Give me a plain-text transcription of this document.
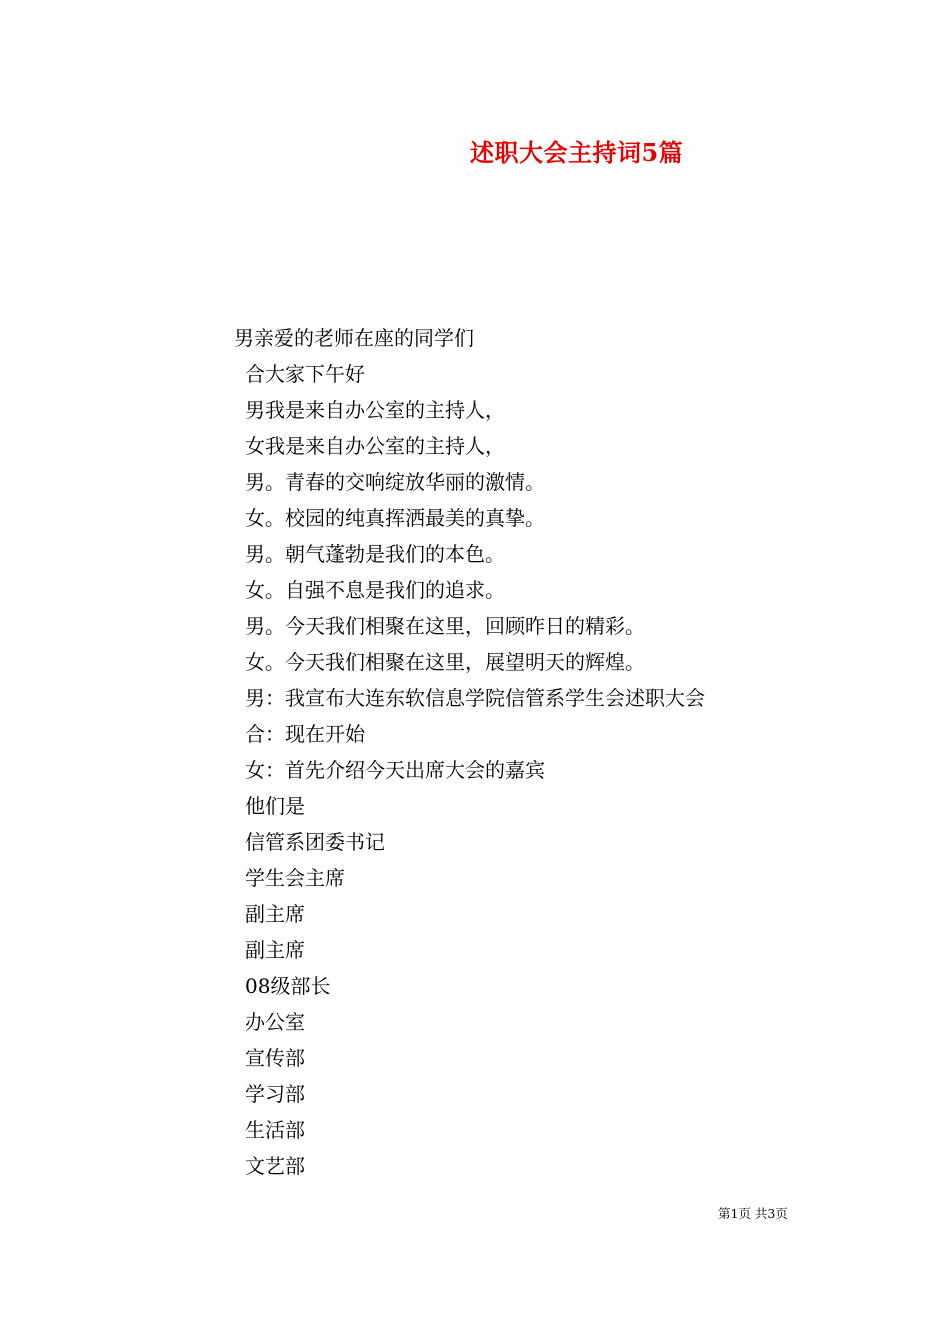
述职大会主持词5篇
男亲爱的老师在座的同学们
合大家下午好
男我是来自办公室的主持人，
女我是来自办公室的主持人，
男。青春的交响绽放华丽的激情。
女。校园的纯真挥洒最美的真挚。
男。朝气蓬勃是我们的本色。
女。自强不息是我们的追求。
男。今天我们相聚在这里，回顾昨日的精彩。
女。今天我们相聚在这里，展望明天的辉煌。
男：我宣布大连东软信息学院信管系学生会述职大会
合：现在开始
女：首先介绍今天出席大会的嘉宾
他们是
信管系团委书记
学生会主席
副主席
副主席
08级部长
办公室
宣传部
学习部
生活部
文艺部
第1页 共3页
